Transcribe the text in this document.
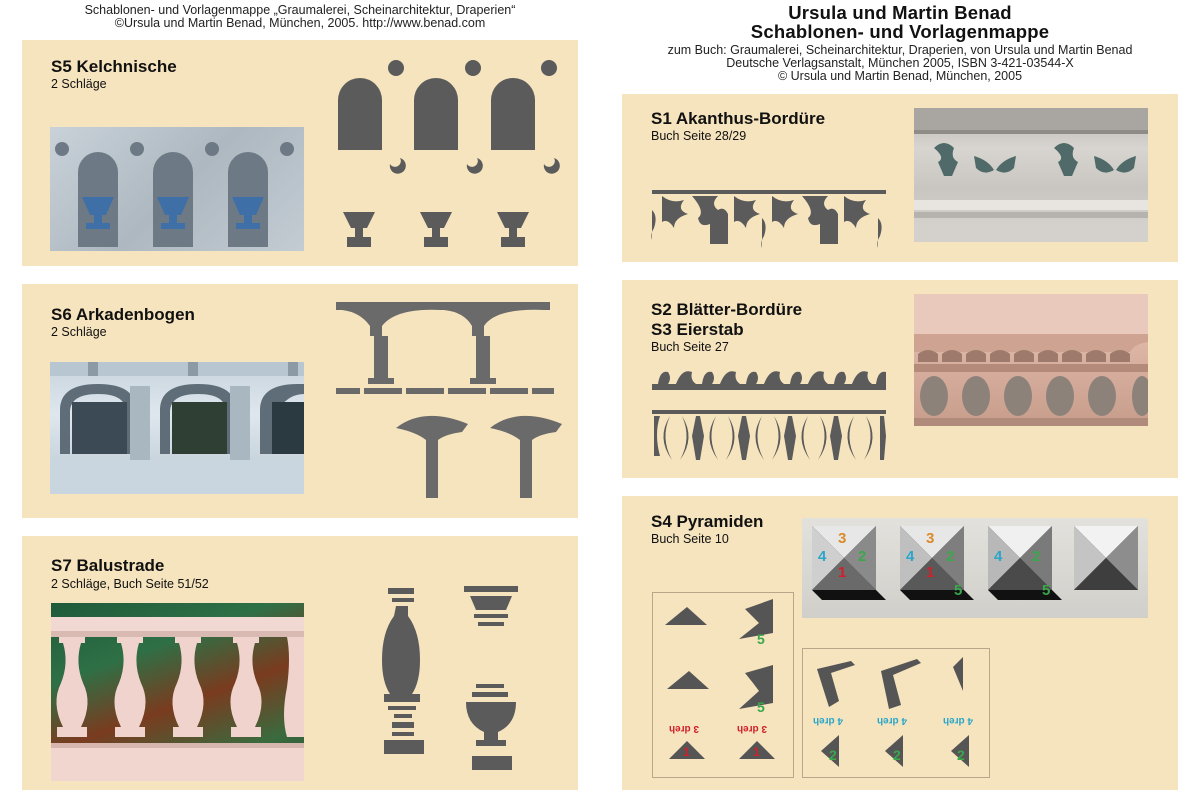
Schablonen- und Vorlagenmappe „Graumalerei, Scheinarchitektur, Draperien“
©Ursula und Martin Benad, München, 2005. http://www.benad.com	Ursula und Martin Benad
Schablonen- und Vorlagenmappe
zum Buch: Graumalerei, Scheinarchitektur, Draperien, von Ursula und Martin Benad
Deutsche Verlagsanstalt, München 2005, ISBN 3-421-03544-X
© Ursula und Martin Benad, München, 2005
S5 Kelchnische
2 Schläge
S6 Arkadenbogen
2 Schläge
S7 Balustrade
2 Schläge, Buch Seite 51/52
S1 Akanthus-Bordüre
Buch Seite 28/29
S2 Blätter-Bordüre
S3 Eierstab
Buch Seite 27
S4 Pyramiden
Buch Seite 10	3
4 2
1
3
4 2
1
5
4 2
5
5
5
1	1
3 dreh	3 dreh
2	2	2
4 dreh	4 dreh	4 dreh
